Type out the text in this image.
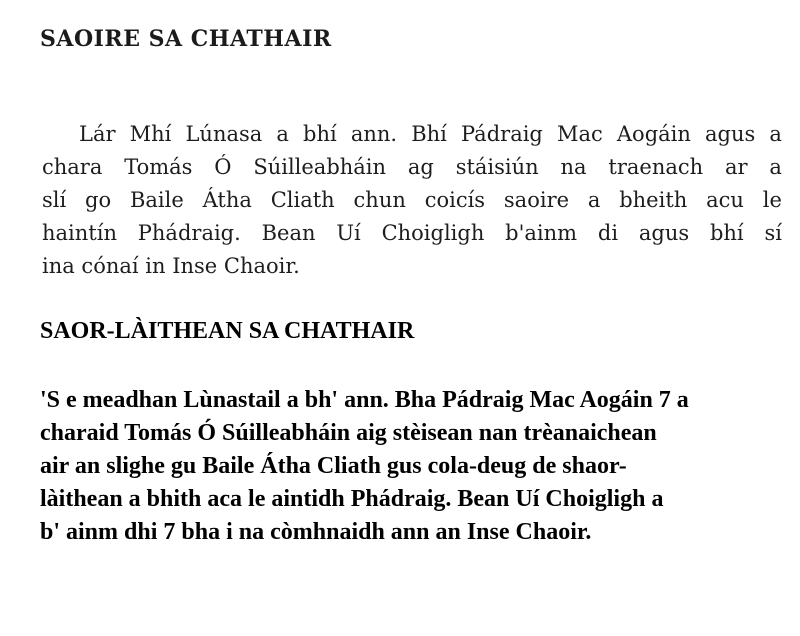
SAOIRE SA CHATHAIR
Lár Mhí Lúnasa a bhí ann. Bhí Pádraig Mac Aogáin agus a
chara Tomás Ó Súilleabháin ag stáisiún na traenach ar a
slí go Baile Átha Cliath chun coicís saoire a bheith acu le
haintín Phádraig. Bean Uí Choigligh b'ainm di agus bhí sí
ina cónaí in Inse Chaoir.
SAOR-LÀITHEAN SA CHATHAIR
'S e meadhan Lùnastail a bh' ann. Bha Pádraig Mac Aogáin 7 a
charaid Tomás Ó Súilleabháin aig stèisean nan trèanaichean
air an slighe gu Baile Átha Cliath gus cola-deug de shaor-
làithean a bhith aca le aintidh Phádraig. Bean Uí Choigligh a
b' ainm dhi 7 bha i na còmhnaidh ann an Inse Chaoir.
